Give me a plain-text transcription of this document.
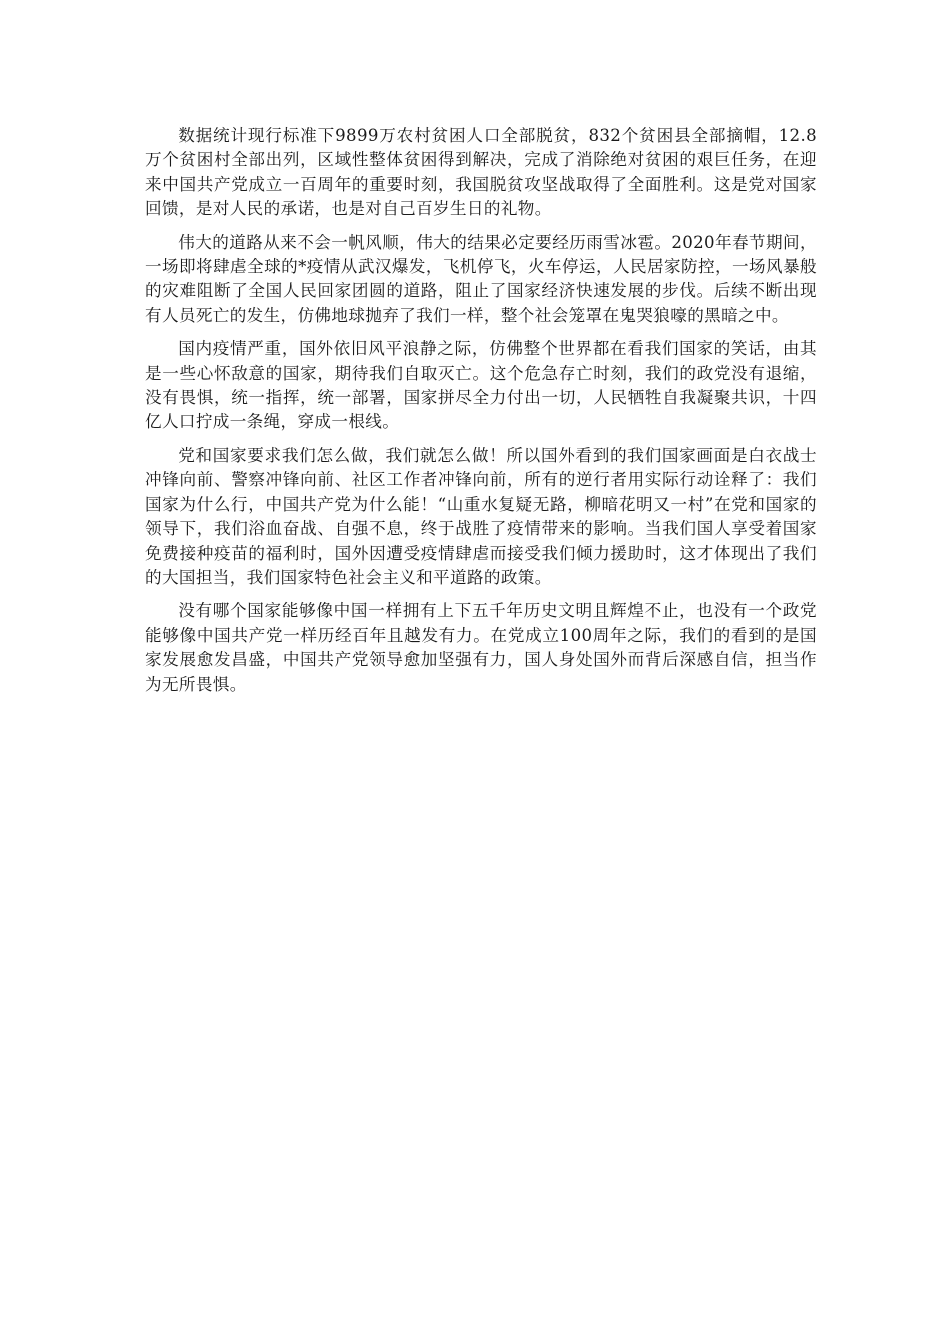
数据统计现行标准下9899万农村贫困人口全部脱贫，832个贫困县全部摘帽，12.8万个贫困村全部出列，区域性整体贫困得到解决，完成了消除绝对贫困的艰巨任务，在迎来中国共产党成立一百周年的重要时刻，我国脱贫攻坚战取得了全面胜利。这是党对国家回馈，是对人民的承诺，也是对自己百岁生日的礼物。

伟大的道路从来不会一帆风顺，伟大的结果必定要经历雨雪冰雹。2020年春节期间，一场即将肆虐全球的*疫情从武汉爆发，飞机停飞，火车停运，人民居家防控，一场风暴般的灾难阻断了全国人民回家团圆的道路，阻止了国家经济快速发展的步伐。后续不断出现有人员死亡的发生，仿佛地球抛弃了我们一样，整个社会笼罩在鬼哭狼嚎的黑暗之中。

国内疫情严重，国外依旧风平浪静之际，仿佛整个世界都在看我们国家的笑话，由其是一些心怀敌意的国家，期待我们自取灭亡。这个危急存亡时刻，我们的政党没有退缩，没有畏惧，统一指挥，统一部署，国家拼尽全力付出一切，人民牺牲自我凝聚共识，十四亿人口拧成一条绳，穿成一根线。

党和国家要求我们怎么做，我们就怎么做！所以国外看到的我们国家画面是白衣战士冲锋向前、警察冲锋向前、社区工作者冲锋向前，所有的逆行者用实际行动诠释了：我们国家为什么行，中国共产党为什么能！“山重水复疑无路，柳暗花明又一村”在党和国家的领导下，我们浴血奋战、自强不息，终于战胜了疫情带来的影响。当我们国人享受着国家免费接种疫苗的福利时，国外因遭受疫情肆虐而接受我们倾力援助时，这才体现出了我们的大国担当，我们国家特色社会主义和平道路的政策。

没有哪个国家能够像中国一样拥有上下五千年历史文明且辉煌不止，也没有一个政党能够像中国共产党一样历经百年且越发有力。在党成立100周年之际，我们的看到的是国家发展愈发昌盛，中国共产党领导愈加坚强有力，国人身处国外而背后深感自信，担当作为无所畏惧。
